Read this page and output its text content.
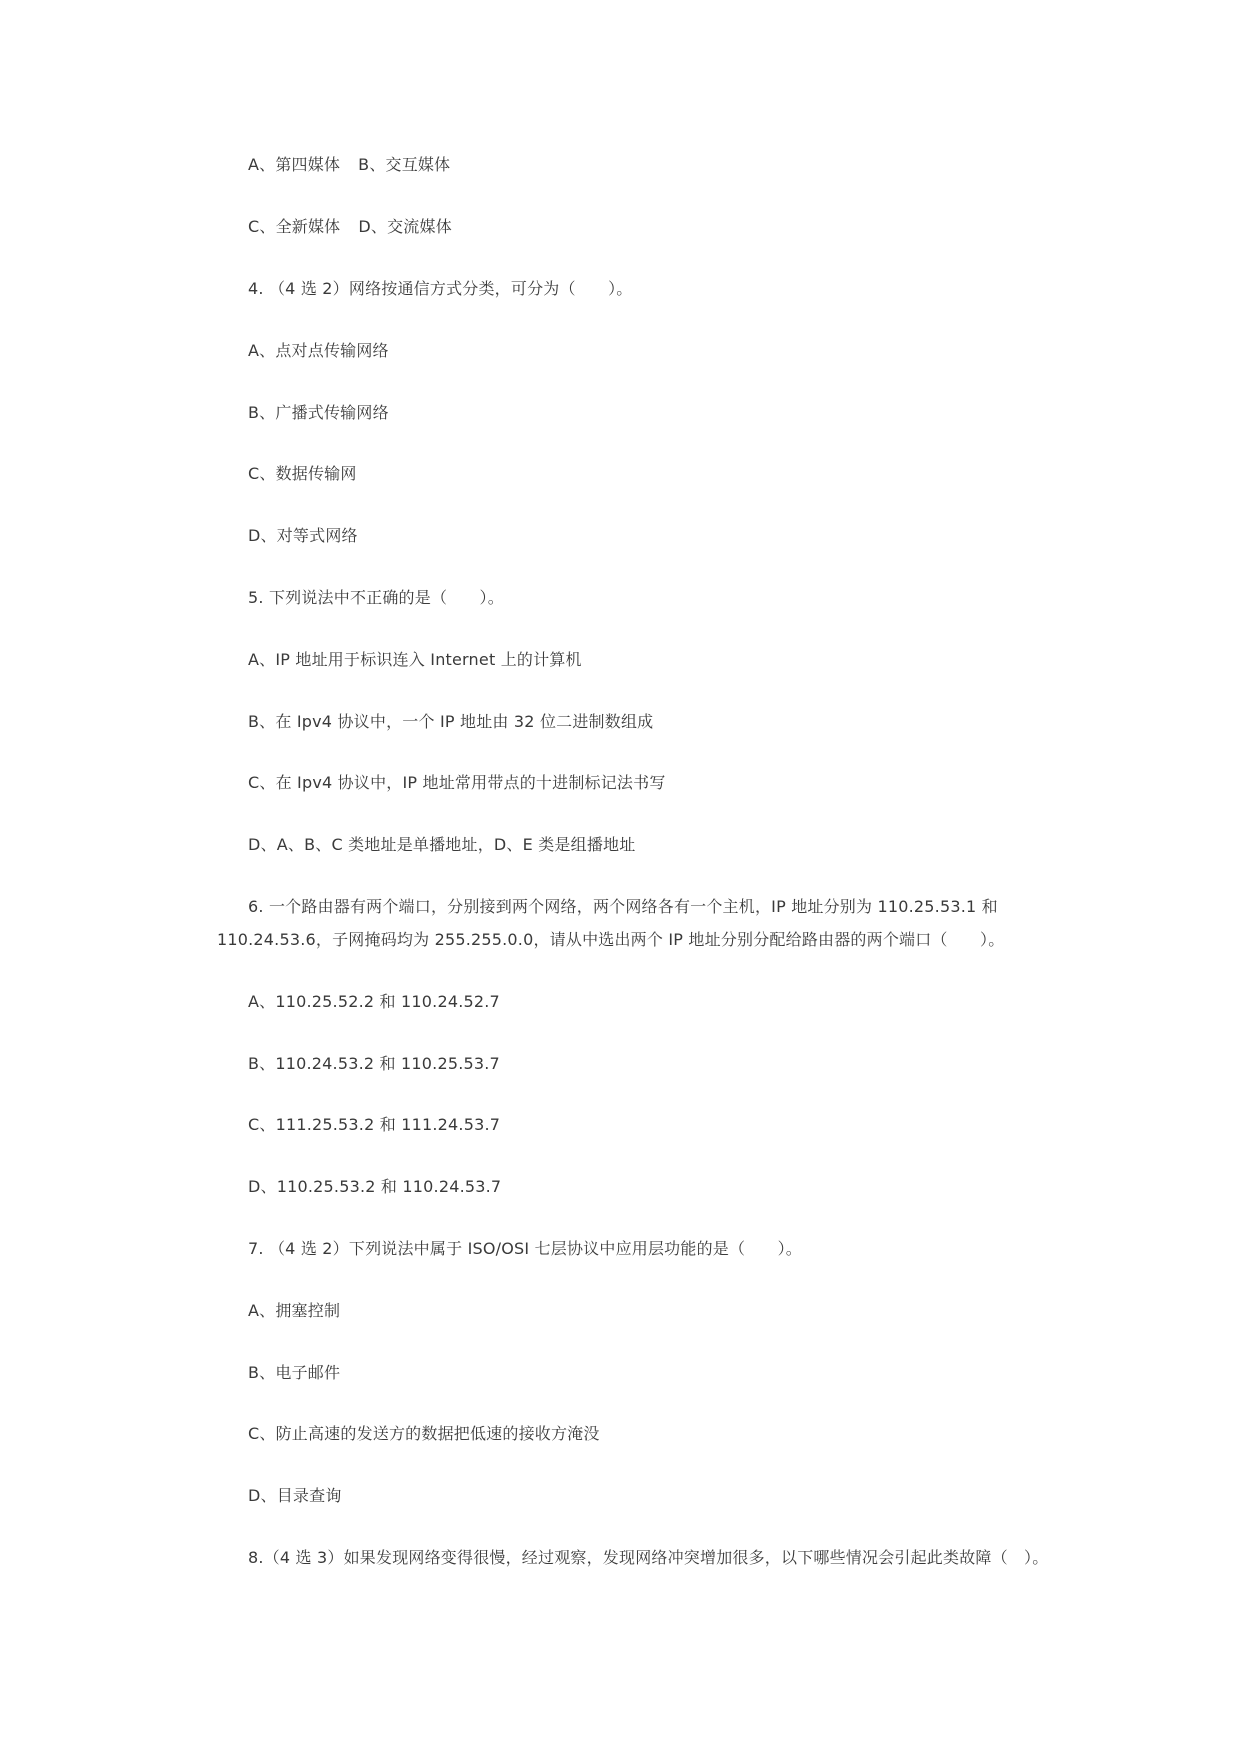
A、第四媒体 B、交互媒体
C、全新媒体 D、交流媒体
4. （4 选 2）网络按通信方式分类，可分为（　　）。
A、点对点传输网络
B、广播式传输网络
C、数据传输网
D、对等式网络
5. 下列说法中不正确的是（　　）。
A、IP 地址用于标识连入 Internet 上的计算机
B、在 Ipv4 协议中，一个 IP 地址由 32 位二进制数组成
C、在 Ipv4 协议中，IP 地址常用带点的十进制标记法书写
D、A、B、C 类地址是单播地址，D、E 类是组播地址
6. 一个路由器有两个端口，分别接到两个网络，两个网络各有一个主机，IP 地址分别为 110.25.53.1 和
110.24.53.6，子网掩码均为 255.255.0.0，请从中选出两个 IP 地址分别分配给路由器的两个端口（　　）。
A、110.25.52.2 和 110.24.52.7
B、110.24.53.2 和 110.25.53.7
C、111.25.53.2 和 111.24.53.7
D、110.25.53.2 和 110.24.53.7
7. （4 选 2）下列说法中属于 ISO/OSI 七层协议中应用层功能的是（　　）。
A、拥塞控制
B、电子邮件
C、防止高速的发送方的数据把低速的接收方淹没
D、目录查询
8.（4 选 3）如果发现网络变得很慢，经过观察，发现网络冲突增加很多，以下哪些情况会引起此类故障（　）。
